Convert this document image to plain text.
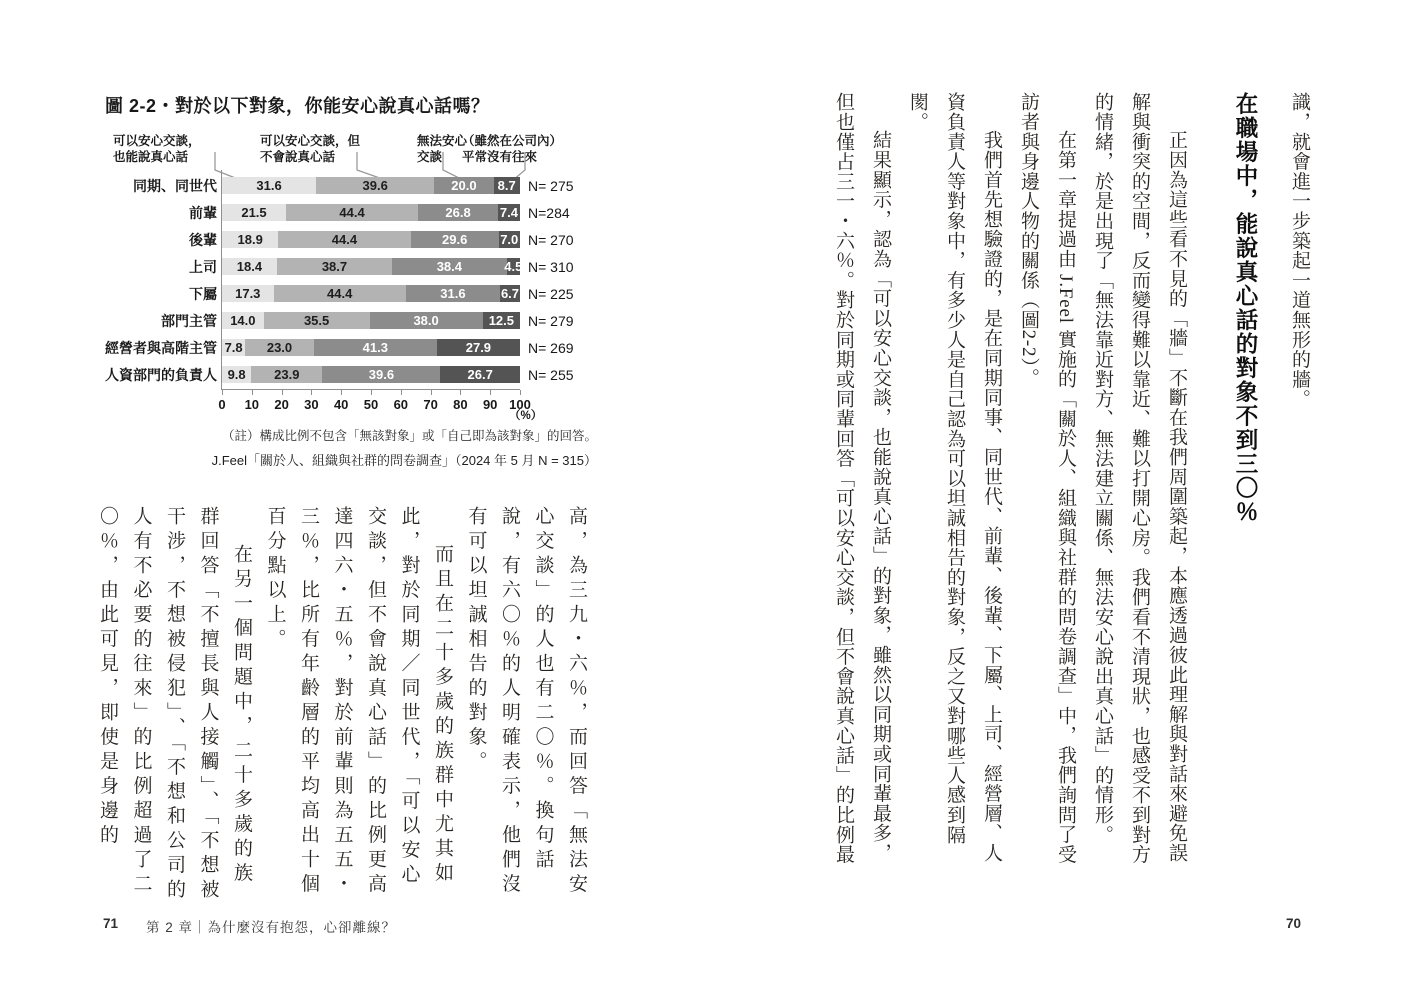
圖 2-2・對於以下對象，你能安心說真心話嗎？
可以安心交談，
也能說真心話
可以安心交談，但
不會說真心話
無法安心
交談
（雖然在公司內）
平常沒有往來
同期、同世代	31.6	39.6	20.0 8.7 N= 275
前輩	21.5	44.4	26.8 7.4 N=284
後輩	18.9	44.4	29.6	7.0 N= 270
上司	18.4	38.7	38.4	4.5 N= 310
下屬	17.3	44.4	31.6	6.7 N= 225
部門主管	14.0	35.5	38.0	12.5 N= 279
經營者與高階主管 7.8 23.0	41.3	27.9	N= 269
人資部門的負責人 9.8 23.9	39.6	26.7	N= 255
0 10 20 30 40 50 60 70 80 90 100
（%）
（註）構成比例不包含「無該對象」或「自己即為該對象」的回答。
J.Feel「關於人、組織與社群的問卷調查」（2024 年 5 月 N = 315）

高，為三九・六％，而回答「無法安心交談」的人也有二〇％。換句話說，有六〇％的人明確表示，他們沒有可以坦誠相告的對象。

而且在二十多歲的族群中尤其如此，對於同期／同世代，「可以安心交談，但不會說真心話」的比例更高達四六・五％，對於前輩則為五五・三％，比所有年齡層的平均高出十個百分點以上。

在另一個問題中，二十多歲的族群回答「不擅長與人接觸」、「不想被干涉，不想被侵犯」、「不想和公司的人有不必要的往來」的比例超過了二〇％，由此可見，即使是身邊的

71 第 2 章｜為什麼沒有抱怨，心卻離線？

識，就會進一步築起一道無形的牆。

在職場中，能說真心話的對象不到三〇％

正因為這些看不見的「牆」不斷在我們周圍築起，本應透過彼此理解與對話來避免誤解與衝突的空間，反而變得難以靠近、難以打開心房。我們看不清現狀，也感受不到對方的情緒，於是出現了「無法靠近對方、無法建立關係、無法安心說出真心話」的情形。

在第一章提過由 J.Feel 實施的「關於人、組織與社群的問卷調查」中，我們詢問了受訪者與身邊人物的關係（圖2-2）。

我們首先想驗證的，是在同期同事、同世代、前輩、後輩、下屬、上司、經營層、人資負責人等對象中，有多少人是自己認為可以坦誠相告的對象，反之又對哪些人感到隔閡。

結果顯示，認為「可以安心交談，也能說真心話」的對象，雖然以同期或同輩最多，但也僅占三一・六％。對於同期或同輩回答「可以安心交談，但不會說真心話」的比例最

70
